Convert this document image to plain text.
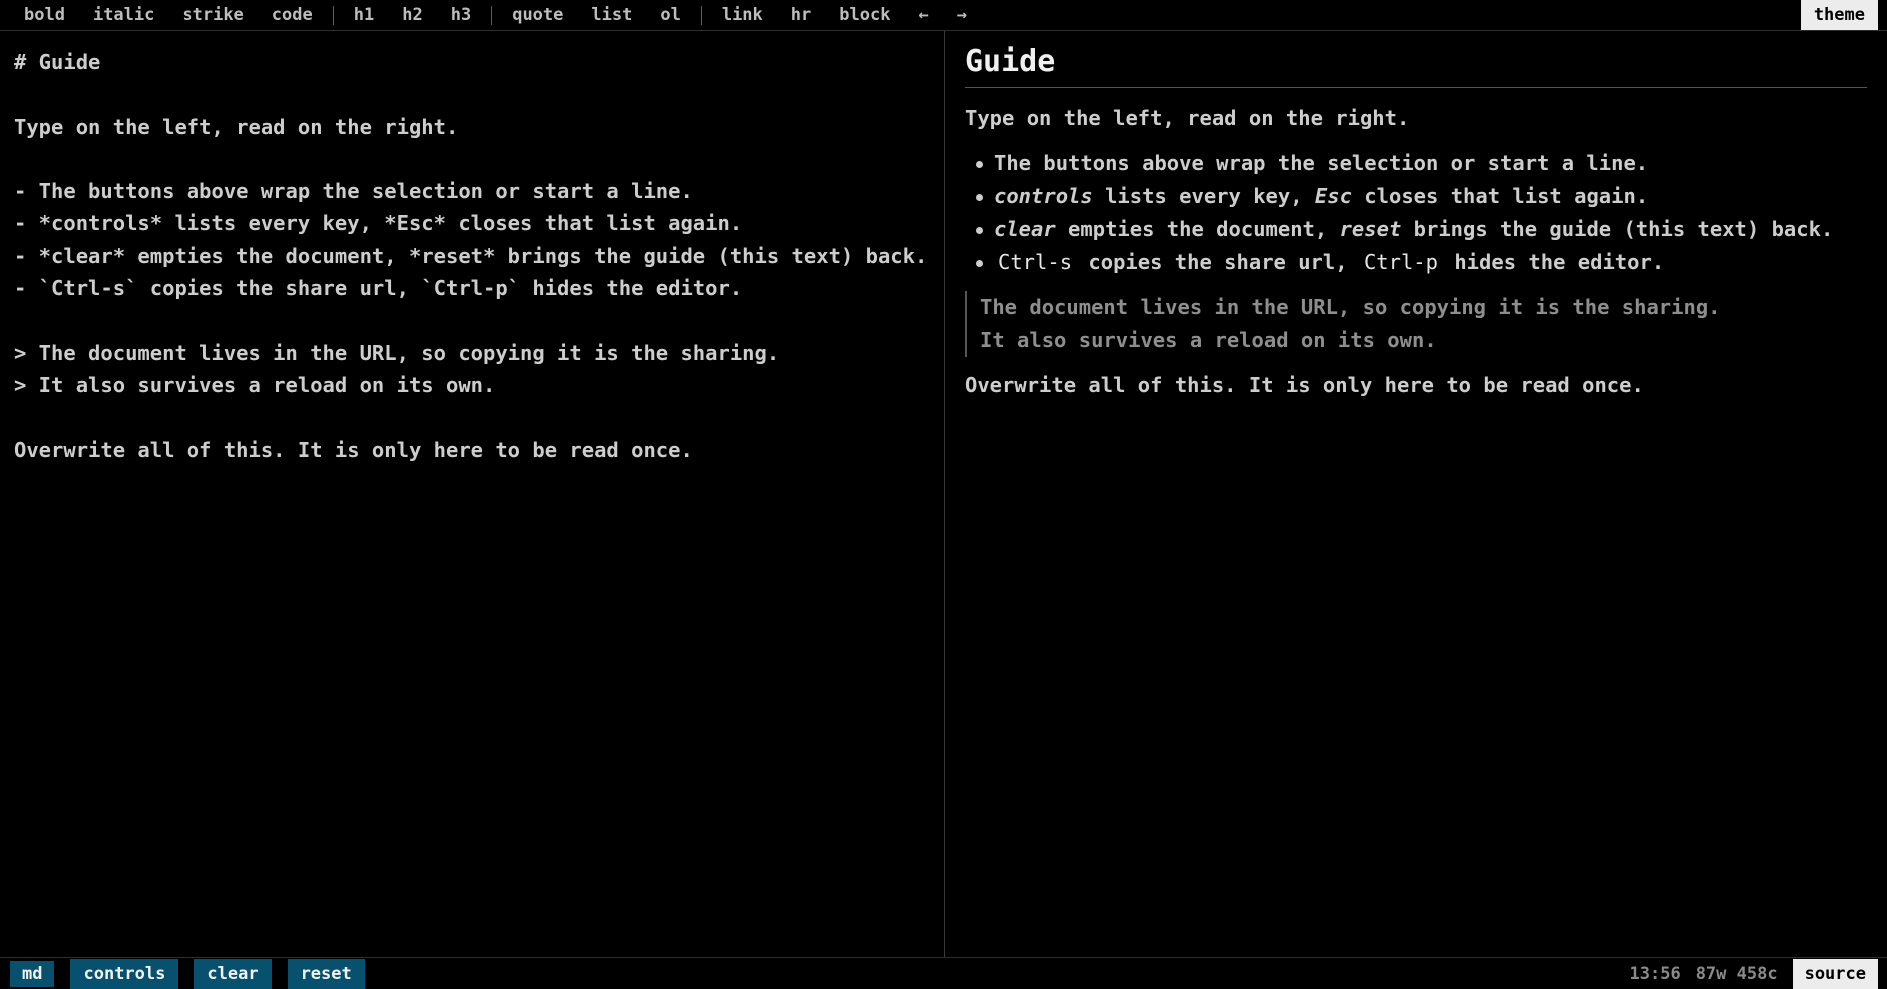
bold	italic	strike	code	h1	h2	h3	quote	list	ol	link	hr	block	←	→	theme
# Guide
Type on the left, read on the right.
- The buttons above wrap the selection or start a line.
- *controls* lists every key, *Esc* closes that list again.
- *clear* empties the document, *reset* brings the guide (this text) back.
- `Ctrl-s` copies the share url, `Ctrl-p` hides the editor.
> The document lives in the URL, so copying it is the sharing.
> It also survives a reload on its own.
Overwrite all of this. It is only here to be read once.
Guide
Type on the left, read on the right.
The buttons above wrap the selection or start a line.
controls lists every key, Esc closes that list again.
clear empties the document, reset brings the guide (this text) back.
Ctrl-s copies the share url, Ctrl-p hides the editor.
The document lives in the URL, so copying it is the sharing.
It also survives a reload on its own.
Overwrite all of this. It is only here to be read once.
md	controls	clear	reset	13:56 87w 458c	source
